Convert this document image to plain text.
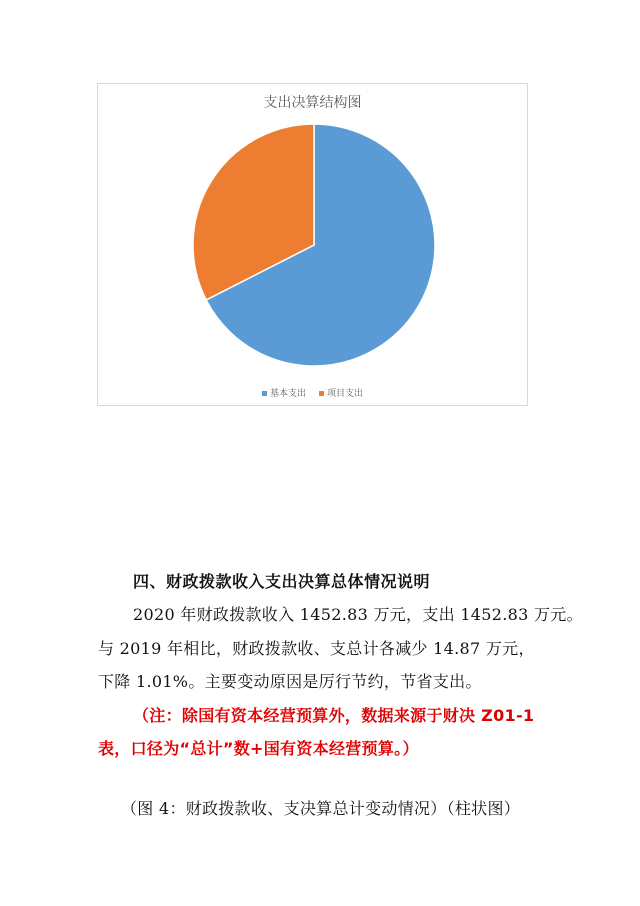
支出决算结构图
基本支出 项目支出
四、财政拨款收入支出决算总体情况说明
2020 年财政拨款收入 1452.83 万元，支出 1452.83 万元。
与 2019 年相比，财政拨款收、支总计各减少 14.87 万元，
下降 1.01%。主要变动原因是厉行节约，节省支出。
（注：除国有资本经营预算外，数据来源于财决 Z01-1
表，口径为“总计”数+国有资本经营预算。）
（图 4：财政拨款收、支决算总计变动情况）（柱状图）
